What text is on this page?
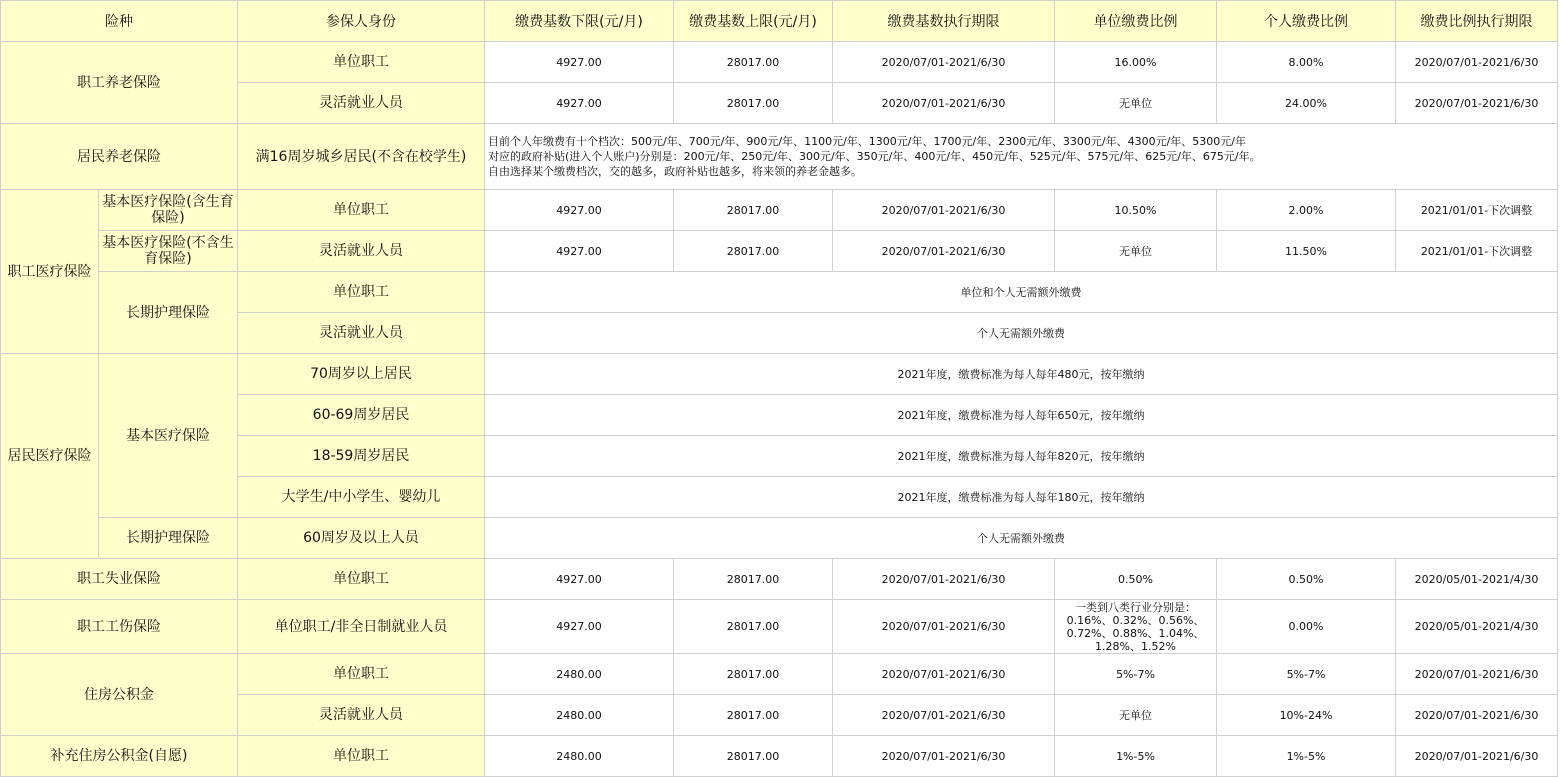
险种		参保人身份	缴费基数下限(元/月)	缴费基数上限(元/月)	缴费基数执行期限	单位缴费比例	个人缴费比例	缴费比例执行期限
职工养老保险		单位职工	4927.00	28017.00	2020/07/01-2021/6/30	16.00%	8.00%	2020/07/01-2021/6/30
		灵活就业人员	4927.00	28017.00	2020/07/01-2021/6/30	无单位	24.00%	2020/07/01-2021/6/30
居民养老保险		满16周岁城乡居民(不含在校学生)	目前个人年缴费有十个档次：500元/年、700元/年、900元/年、1100元/年、1300元/年、1700元/年、2300元/年、3300元/年、4300元/年、5300元/年
对应的政府补贴(进入个人账户)分别是：200元/年、250元/年、300元/年、350元/年、400元/年、450元/年、525元/年、575元/年、625元/年、675元/年。
自由选择某个缴费档次，交的越多，政府补贴也越多，将来领的养老金越多。					

职工医疗保险	基本医疗保险(含生育保险)	单位职工	4927.00	28017.00	2020/07/01-2021/6/30	10.50%	2.00%	2021/01/01-下次调整
	基本医疗保险(不含生育保险)	灵活就业人员	4927.00	28017.00	2020/07/01-2021/6/30	无单位	11.50%	2021/01/01-下次调整
	长期护理保险	单位职工	单位和个人无需额外缴费					
		灵活就业人员	个人无需额外缴费					
居民医疗保险	基本医疗保险	70周岁以上居民	2021年度，缴费标准为每人每年480元，按年缴纳					
		60-69周岁居民	2021年度，缴费标准为每人每年650元，按年缴纳					
		18-59周岁居民	2021年度，缴费标准为每人每年820元，按年缴纳					
		大学生/中小学生、婴幼儿	2021年度，缴费标准为每人每年180元，按年缴纳					
	长期护理保险	60周岁及以上人员	个人无需额外缴费					
职工失业保险		单位职工	4927.00	28017.00	2020/07/01-2021/6/30	0.50%	0.50%	2020/05/01-2021/4/30
职工工伤保险		单位职工/非全日制就业人员	4927.00	28017.00	2020/07/01-2021/6/30	一类到八类行业分别是：0.16%、0.32%、0.56%、0.72%、0.88%、1.04%、1.28%、1.52%	0.00%	2020/05/01-2021/4/30
住房公积金		单位职工	2480.00	28017.00	2020/07/01-2021/6/30	5%-7%	5%-7%	2020/07/01-2021/6/30
		灵活就业人员	2480.00	28017.00	2020/07/01-2021/6/30	无单位	10%-24%	2020/07/01-2021/6/30
补充住房公积金(自愿)		单位职工	2480.00	28017.00	2020/07/01-2021/6/30	1%-5%	1%-5%	2020/07/01-2021/6/30
